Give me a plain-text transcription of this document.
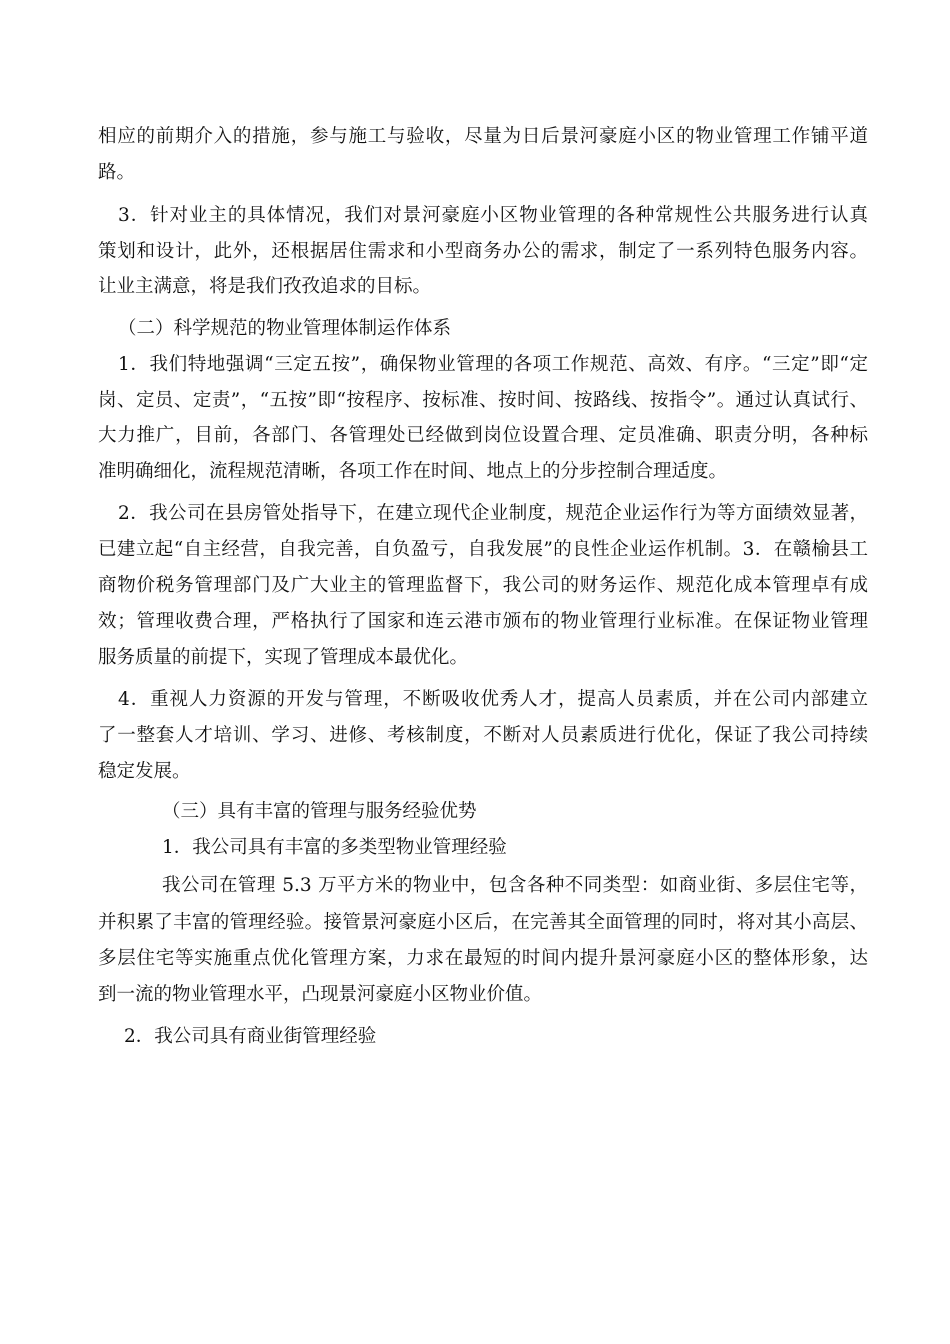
相应的前期介入的措施，参与施工与验收，尽量为日后景河豪庭小区的物业管理工作铺平道
路。
3．针对业主的具体情况，我们对景河豪庭小区物业管理的各种常规性公共服务进行认真
策划和设计，此外，还根据居住需求和小型商务办公的需求，制定了一系列特色服务内容。
让业主满意，将是我们孜孜追求的目标。
（二）科学规范的物业管理体制运作体系
1．我们特地强调“三定五按”，确保物业管理的各项工作规范、高效、有序。“三定”即“定
岗、定员、定责”，“五按”即“按程序、按标准、按时间、按路线、按指令”。通过认真试行、
大力推广，目前，各部门、各管理处已经做到岗位设置合理、定员准确、职责分明，各种标
准明确细化，流程规范清晰，各项工作在时间、地点上的分步控制合理适度。
2．我公司在县房管处指导下，在建立现代企业制度，规范企业运作行为等方面绩效显著，
已建立起“自主经营，自我完善，自负盈亏，自我发展”的良性企业运作机制。3．在赣榆县工
商物价税务管理部门及广大业主的管理监督下，我公司的财务运作、规范化成本管理卓有成
效；管理收费合理，严格执行了国家和连云港市颁布的物业管理行业标准。在保证物业管理
服务质量的前提下，实现了管理成本最优化。
4．重视人力资源的开发与管理，不断吸收优秀人才，提高人员素质，并在公司内部建立
了一整套人才培训、学习、进修、考核制度，不断对人员素质进行优化，保证了我公司持续
稳定发展。
（三）具有丰富的管理与服务经验优势
1．我公司具有丰富的多类型物业管理经验
我公司在管理 5.3 万平方米的物业中，包含各种不同类型：如商业街、多层住宅等，
并积累了丰富的管理经验。接管景河豪庭小区后，在完善其全面管理的同时，将对其小高层、
多层住宅等实施重点优化管理方案，力求在最短的时间内提升景河豪庭小区的整体形象，达
到一流的物业管理水平，凸现景河豪庭小区物业价值。
2．我公司具有商业街管理经验
